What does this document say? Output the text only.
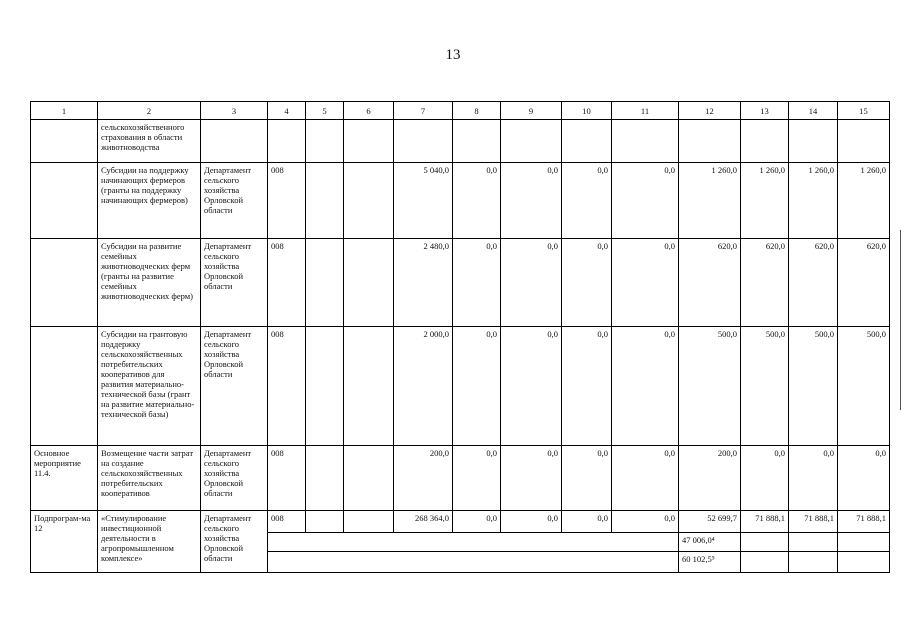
13
1	2	3	4	5	6	7	8	9	10	11	12	13	14	15
	сельскохозяйственного страхования в области животноводства													
	Субсидии на поддержку начинающих фермеров (гранты на поддержку начинающих фермеров)	Департамент сельского хозяйства Орловской области	008			5 040,0	0,0	0,0	0,0	0,0	1 260,0	1 260,0	1 260,0	1 260,0
	Субсидии на развитие семейных животноводческих ферм (гранты на развитие семейных животноводческих ферм)	Департамент сельского хозяйства Орловской области	008			2 480,0	0,0	0,0	0,0	0,0	620,0	620,0	620,0	620,0
	Субсидии на грантовую поддержку сельскохозяйственных потребительских кооперативов для развития материально-технической базы (грант на развитие материально-технической базы)	Департамент сельского хозяйства Орловской области	008			2 000,0	0,0	0,0	0,0	0,0	500,0	500,0	500,0	500,0
Основное мероприятие 11.4.	Возмещение части затрат на создание сельскохозяйственных потребительских кооперативов	Департамент сельского хозяйства Орловской области	008			200,0	0,0	0,0	0,0	0,0	200,0	0,0	0,0	0,0
Подпрограм-ма 12	«Стимулирование инвестиционной деятельности в агропромышленном комплексе»	Департамент сельского хозяйства Орловской области	008			268 364,0	0,0	0,0	0,0	0,0	52 699,7	71 888,1	71 888,1	71 888,1
											47 006,0⁴			
											60 102,5⁵			
